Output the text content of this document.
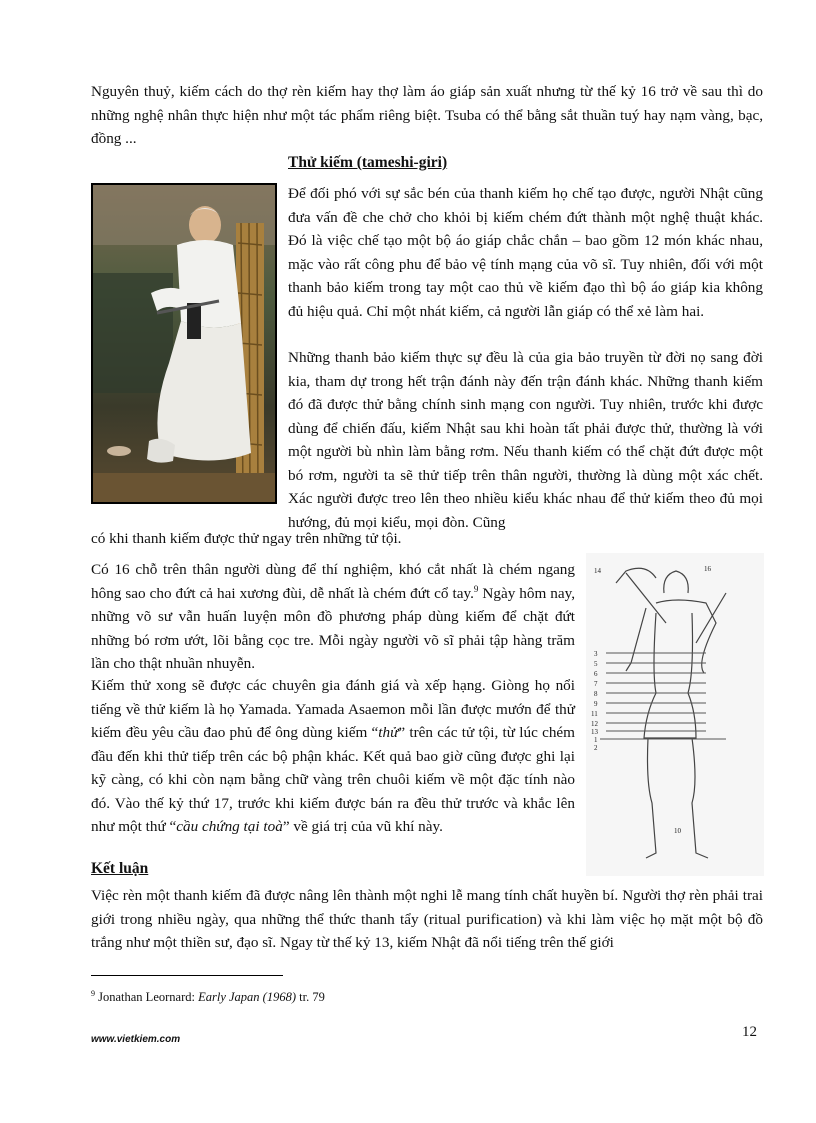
Nguyên thuỷ, kiếm cách do thợ rèn kiếm hay thợ làm áo giáp sản xuất nhưng từ thế kỷ 16 trở về sau thì do những nghệ nhân thực hiện như một tác phẩm riêng biệt. Tsuba có thể bằng sắt thuần tuý hay nạm vàng, bạc, đồng ...

Thử kiếm (tameshi-giri)

Để đối phó với sự sắc bén của thanh kiếm họ chế tạo được, người Nhật cũng đưa vấn đề che chở cho khỏi bị kiếm chém đứt thành một nghệ thuật khác. Đó là việc chế tạo một bộ áo giáp chắc chắn – bao gồm 12 món khác nhau, mặc vào rất công phu để bảo vệ tính mạng của võ sĩ. Tuy nhiên, đối với một thanh bảo kiếm trong tay một cao thủ về kiếm đạo thì bộ áo giáp kia không đủ hiệu quả. Chỉ một nhát kiếm, cả người lẫn giáp có thể xẻ làm hai.

Những thanh bảo kiếm thực sự đều là của gia bảo truyền từ đời nọ sang đời kia, tham dự trong hết trận đánh này đến trận đánh khác. Những thanh kiếm đó đã được thử bằng chính sinh mạng con người. Tuy nhiên, trước khi được dùng để chiến đấu, kiếm Nhật sau khi hoàn tất phải được thử, thường là với một người bù nhìn làm bằng rơm. Nếu thanh kiếm có thể chặt đứt được một bó rơm, người ta sẽ thử tiếp trên thân người, thường là dùng một xác chết. Xác người được treo lên theo nhiều kiểu khác nhau để thử kiếm theo đủ mọi hướng, đủ mọi kiểu, mọi đòn. Cũng

có khi thanh kiếm được thử ngay trên những tử tội.

Có 16 chỗ trên thân người dùng để thí nghiệm, khó cắt nhất là chém ngang hông sao cho đứt cả hai xương đùi, dễ nhất là chém đứt cổ tay.$^9$ Ngày hôm nay, những võ sư vẫn huấn luyện môn đồ phương pháp dùng kiếm để chặt đứt những bó rơm ướt, lõi bằng cọc tre. Mỗi ngày người võ sĩ phải tập hàng trăm lần cho thật nhuần nhuyễn.

Kiếm thử xong sẽ được các chuyên gia đánh giá và xếp hạng. Giòng họ nổi tiếng về thử kiếm là họ Yamada. Yamada Asaemon mỗi lần được mướn để thử kiếm đều yêu cầu đao phủ để ông dùng kiếm “thử” trên các tử tội, từ lúc chém đầu đến khi thử tiếp trên các bộ phận khác. Kết quả bao giờ cũng được ghi lại kỹ càng, có khi còn nạm bằng chữ vàng trên chuôi kiếm về một đặc tính nào đó. Vào thế kỷ thứ 17, trước khi kiếm được bán ra đều thử trước và khắc lên như một thứ “cầu chứng tại toà” về giá trị của vũ khí này.

3
5
6
7
8
9
11
12
13
1
2
14	16
10
Kết luận

Việc rèn một thanh kiếm đã được nâng lên thành một nghi lễ mang tính chất huyền bí. Người thợ rèn phải trai giới trong nhiều ngày, qua những thể thức thanh tẩy (ritual purification) và khi làm việc họ mặt một bộ đồ trắng như một thiền sư, đạo sĩ. Ngay từ thế kỷ 13, kiếm Nhật đã nổi tiếng trên thế giới

$^9$ Jonathan Leornard: Early Japan (1968) tr. 79
www.vietkiem.com	12
